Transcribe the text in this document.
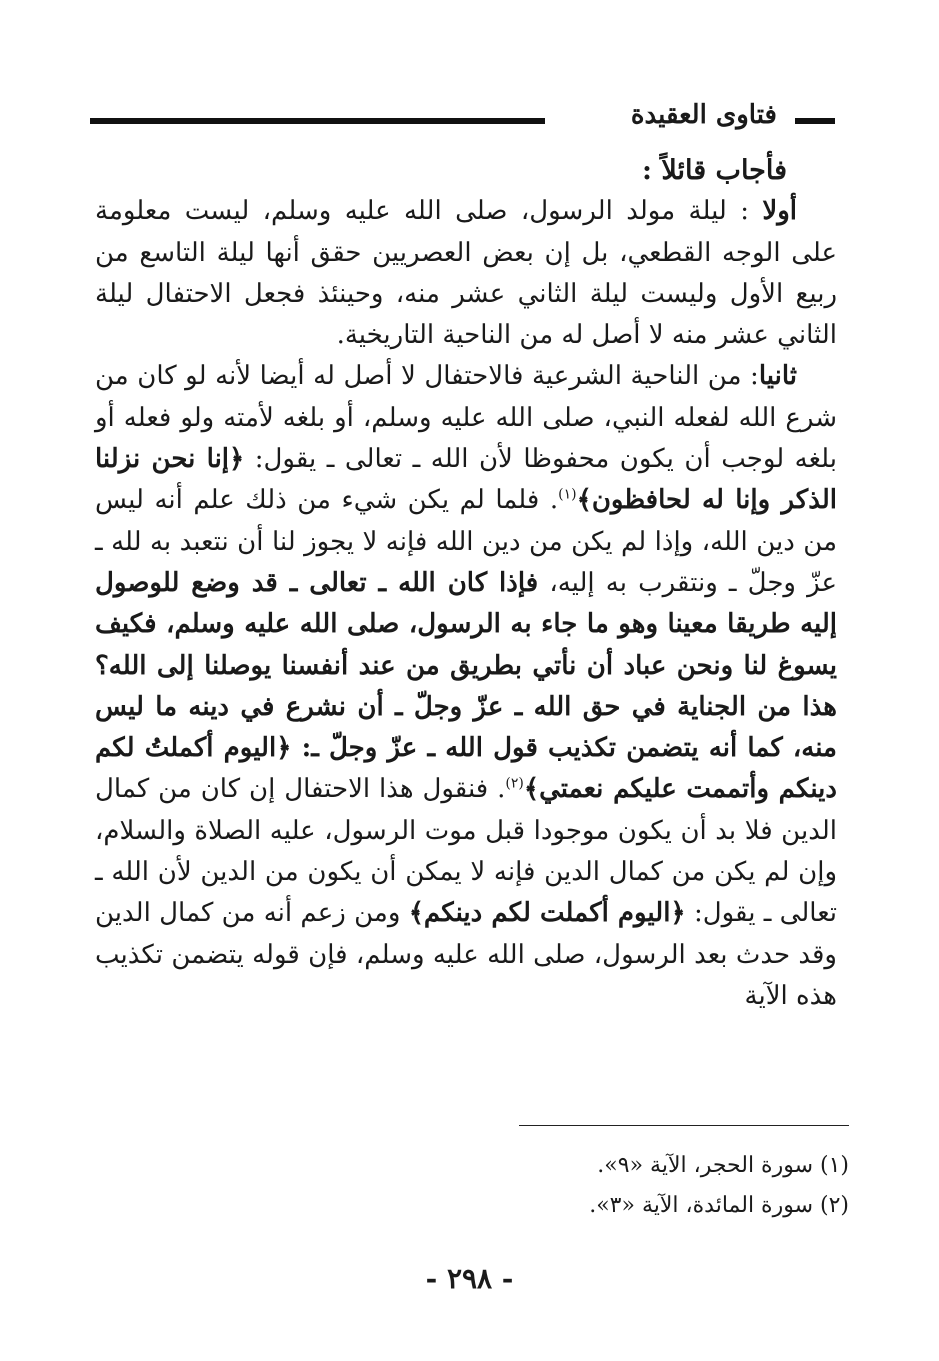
فتاوى العقيدة

فأجاب قائلاً :

أولا : ليلة مولد الرسول، صلى الله عليه وسلم، ليست معلومة على الوجه القطعي، بل إن بعض العصريين حقق أنها ليلة التاسع من ربيع الأول وليست ليلة الثاني عشر منه، وحينئذ فجعل الاحتفال ليلة الثاني عشر منه لا أصل له من الناحية التاريخية.

ثانيا: من الناحية الشرعية فالاحتفال لا أصل له أيضا لأنه لو كان من شرع الله لفعله النبي، صلى الله عليه وسلم، أو بلغه لأمته ولو فعله أو بلغه لوجب أن يكون محفوظا لأن الله ـ تعالى ـ يقول: ﴿إنا نحن نزلنا الذكر وإنا له لحافظون﴾$^{(١)}$. فلما لم يكن شيء من ذلك علم أنه ليس من دين الله، وإذا لم يكن من دين الله فإنه لا يجوز لنا أن نتعبد به لله ـ عزّ وجلّ ـ ونتقرب به إليه، فإذا كان الله ـ تعالى ـ قد وضع للوصول إليه طريقا معينا وهو ما جاء به الرسول، صلى الله عليه وسلم، فكيف يسوغ لنا ونحن عباد أن نأتي بطريق من عند أنفسنا يوصلنا إلى الله؟ هذا من الجناية في حق الله ـ عزّ وجلّ ـ أن نشرع في دينه ما ليس منه، كما أنه يتضمن تكذيب قول الله ـ عزّ وجلّ ـ: ﴿اليوم أكملتُ لكم دينكم وأتممت عليكم نعمتي﴾$^{(٢)}$. فنقول هذا الاحتفال إن كان من كمال الدين فلا بد أن يكون موجودا قبل موت الرسول، عليه الصلاة والسلام، وإن لم يكن من كمال الدين فإنه لا يمكن أن يكون من الدين لأن الله ـ تعالى ـ يقول: ﴿اليوم أكملت لكم دينكم﴾ ومن زعم أنه من كمال الدين وقد حدث بعد الرسول، صلى الله عليه وسلم، فإن قوله يتضمن تكذيب هذه الآية

(١) سورة الحجر، الآية «٩».

(٢) سورة المائدة، الآية «٣».

- ٢٩٨ -
